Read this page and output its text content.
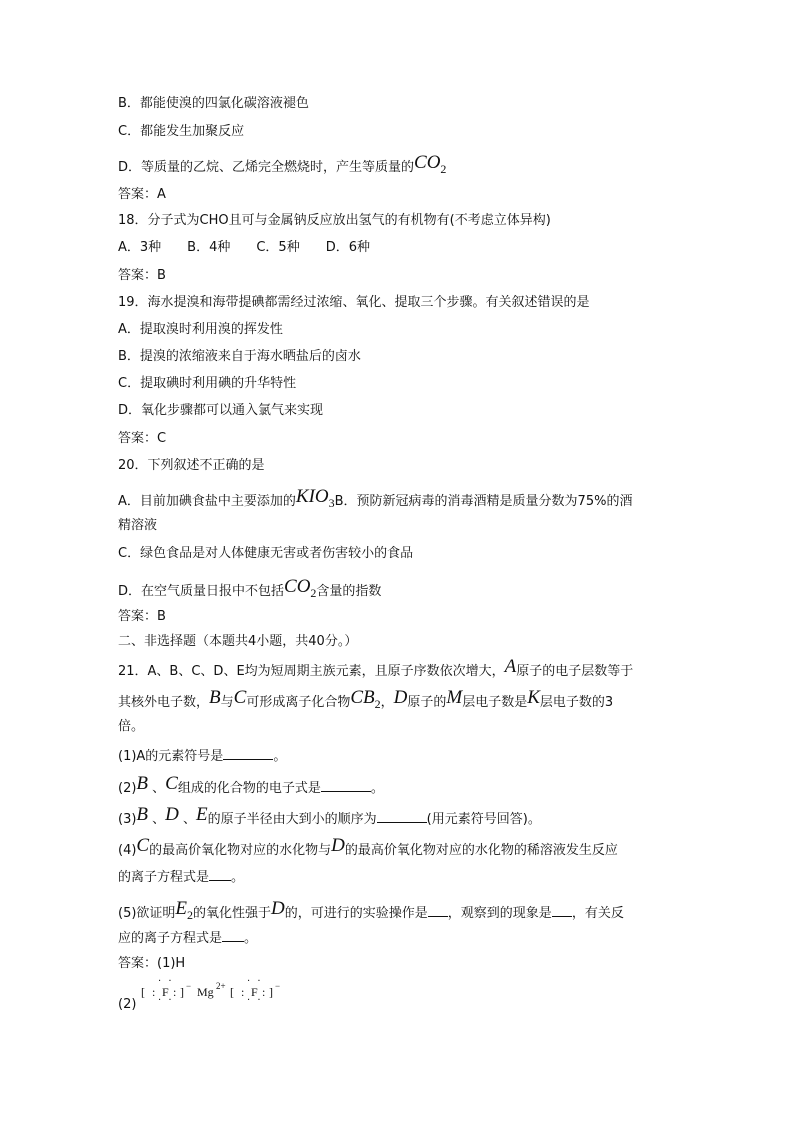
B．都能使溴的四氯化碳溶液褪色
C．都能发生加聚反应
D．等质量的乙烷、乙烯完全燃烧时，产生等质量的CO2
答案：A
18．分子式为CHO且可与金属钠反应放出氢气的有机物有(不考虑立体异构)
A．3种　　B．4种　　C．5种　　D．6种
答案：B
19．海水提溴和海带提碘都需经过浓缩、氧化、提取三个步骤。有关叙述错误的是
A．提取溴时利用溴的挥发性
B．提溴的浓缩液来自于海水晒盐后的卤水
C．提取碘时利用碘的升华特性
D．氧化步骤都可以通入氯气来实现
答案：C
20．下列叙述不正确的是
A．目前加碘食盐中主要添加的KIO3B．预防新冠病毒的消毒酒精是质量分数为75%的酒
精溶液
C．绿色食品是对人体健康无害或者伤害较小的食品
D．在空气质量日报中不包括CO2含量的指数
答案：B
二、非选择题（本题共4小题，共40分。）
21．A、B、C、D、E均为短周期主族元素，且原子序数依次增大，A原子的电子层数等于
其核外电子数，B与C可形成离子化合物CB2，D原子的M层电子数是K层电子数的3
倍。
(1)A的元素符号是	。
(2)B 、C组成的化合物的电子式是	。
(3)B 、D 、E的原子半径由大到小的顺序为	(用元素符号回答)。
(4)C的最高价氧化物对应的水化物与D的最高价氧化物对应的水化物的稀溶液发生反应
的离子方程式是 。
(5)欲证明E2的氧化性强于D的，可进行的实验操作是 ，观察到的现象是 ，有关反
应的离子方程式是 。
答案：(1)H
(2)
[ :
· ·
F
· ·
: ] − Mg 2+ [ :
· ·
F
· ·
: ] −
